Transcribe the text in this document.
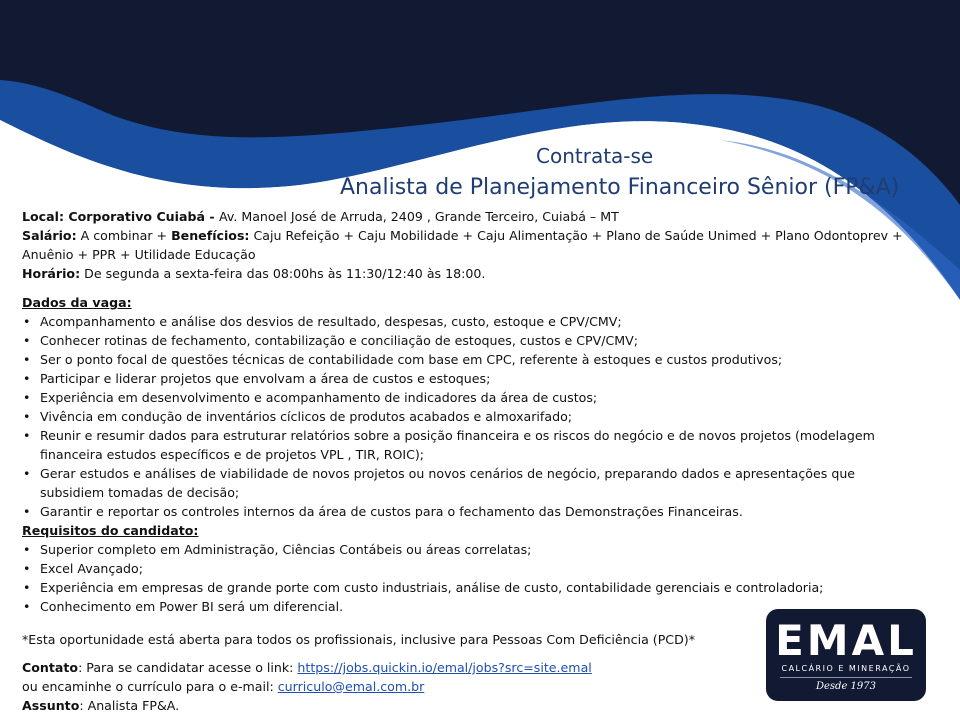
Contrata-se
Analista de Planejamento Financeiro Sênior (FP&A)
Local: Corporativo Cuiabá - Av. Manoel José de Arruda, 2409 , Grande Terceiro, Cuiabá – MT
Salário: A combinar + Benefícios: Caju Refeição + Caju Mobilidade + Caju Alimentação + Plano de Saúde Unimed + Plano Odontoprev +
Anuênio + PPR + Utilidade Educação
Horário: De segunda a sexta-feira das 08:00hs às 11:30/12:40 às 18:00.
Dados da vaga:
• Acompanhamento e análise dos desvios de resultado, despesas, custo, estoque e CPV/CMV;
• Conhecer rotinas de fechamento, contabilização e conciliação de estoques, custos e CPV/CMV;
• Ser o ponto focal de questões técnicas de contabilidade com base em CPC, referente à estoques e custos produtivos;
• Participar e liderar projetos que envolvam a área de custos e estoques;
• Experiência em desenvolvimento e acompanhamento de indicadores da área de custos;
• Vivência em condução de inventários cíclicos de produtos acabados e almoxarifado;
• Reunir e resumir dados para estruturar relatórios sobre a posição financeira e os riscos do negócio e de novos projetos (modelagem financeira estudos específicos e de projetos VPL , TIR, ROIC);
• Gerar estudos e análises de viabilidade de novos projetos ou novos cenários de negócio, preparando dados e apresentações que subsidiem tomadas de decisão;
• Garantir e reportar os controles internos da área de custos para o fechamento das Demonstrações Financeiras.
Requisitos do candidato:
• Superior completo em Administração, Ciências Contábeis ou áreas correlatas;
• Excel Avançado;
• Experiência em empresas de grande porte com custo industriais, análise de custo, contabilidade gerenciais e controladoria;
• Conhecimento em Power BI será um diferencial.
*Esta oportunidade está aberta para todos os profissionais, inclusive para Pessoas Com Deficiência (PCD)*
Contato: Para se candidatar acesse o link: https://jobs.quickin.io/emal/jobs?src=site.emal
ou encaminhe o currículo para o e-mail: curriculo@emal.com.br
Assunto: Analista FP&A.
EMAL
CALCÁRIO E MINERAÇÃO
Desde 1973
